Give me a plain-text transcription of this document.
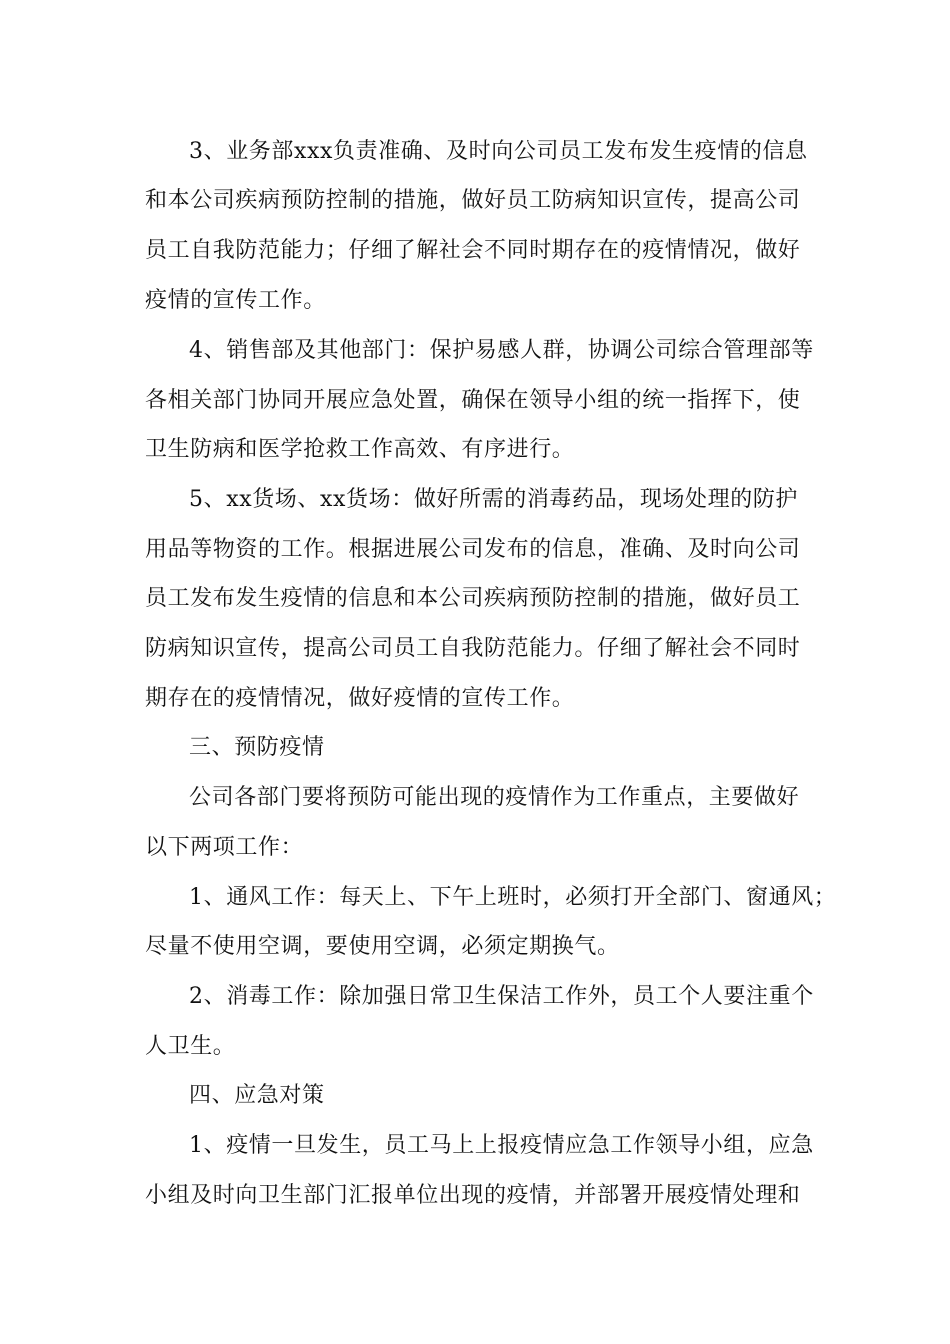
3、业务部xxx负责准确、及时向公司员工发布发生疫情的信息
和本公司疾病预防控制的措施，做好员工防病知识宣传，提高公司
员工自我防范能力；仔细了解社会不同时期存在的疫情情况，做好
疫情的宣传工作。
4、销售部及其他部门：保护易感人群，协调公司综合管理部等
各相关部门协同开展应急处置，确保在领导小组的统一指挥下，使
卫生防病和医学抢救工作高效、有序进行。
5、xx货场、xx货场：做好所需的消毒药品，现场处理的防护
用品等物资的工作。根据进展公司发布的信息，准确、及时向公司
员工发布发生疫情的信息和本公司疾病预防控制的措施，做好员工
防病知识宣传，提高公司员工自我防范能力。仔细了解社会不同时
期存在的疫情情况，做好疫情的宣传工作。
三、预防疫情
公司各部门要将预防可能出现的疫情作为工作重点，主要做好
以下两项工作：
1、通风工作：每天上、下午上班时，必须打开全部门、窗通风；
尽量不使用空调，要使用空调，必须定期换气。
2、消毒工作：除加强日常卫生保洁工作外，员工个人要注重个
人卫生。
四、应急对策
1、疫情一旦发生，员工马上上报疫情应急工作领导小组，应急
小组及时向卫生部门汇报单位出现的疫情，并部署开展疫情处理和
